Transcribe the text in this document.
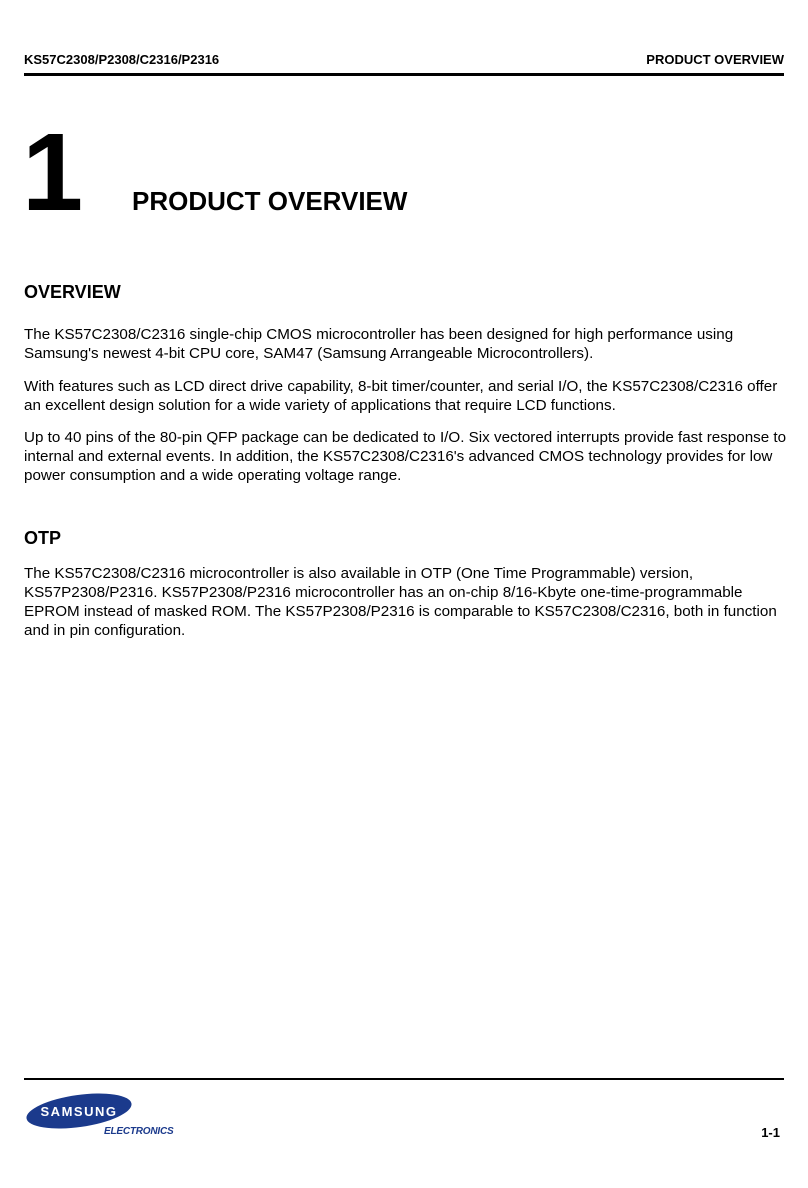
KS57C2308/P2308/C2316/P2316	PRODUCT OVERVIEW
1 PRODUCT OVERVIEW
OVERVIEW

The KS57C2308/C2316 single-chip CMOS microcontroller has been designed for high performance using Samsung's newest 4-bit CPU core, SAM47 (Samsung Arrangeable Microcontrollers).

With features such as LCD direct drive capability, 8-bit timer/counter, and serial I/O, the KS57C2308/C2316 offer an excellent design solution for a wide variety of applications that require LCD functions.

Up to 40 pins of the 80-pin QFP package can be dedicated to I/O. Six vectored interrupts provide fast response to internal and external events. In addition, the KS57C2308/C2316's advanced CMOS technology provides for low power consumption and a wide operating voltage range.

OTP

The KS57C2308/C2316 microcontroller is also available in OTP (One Time Programmable) version, KS57P2308/P2316. KS57P2308/P2316 microcontroller has an on-chip 8/16-Kbyte one-time-programmable EPROM instead of masked ROM. The KS57P2308/P2316 is comparable to KS57C2308/C2316, both in function and in pin configuration.

SAMSUNG
ELECTRONICS	1-1
